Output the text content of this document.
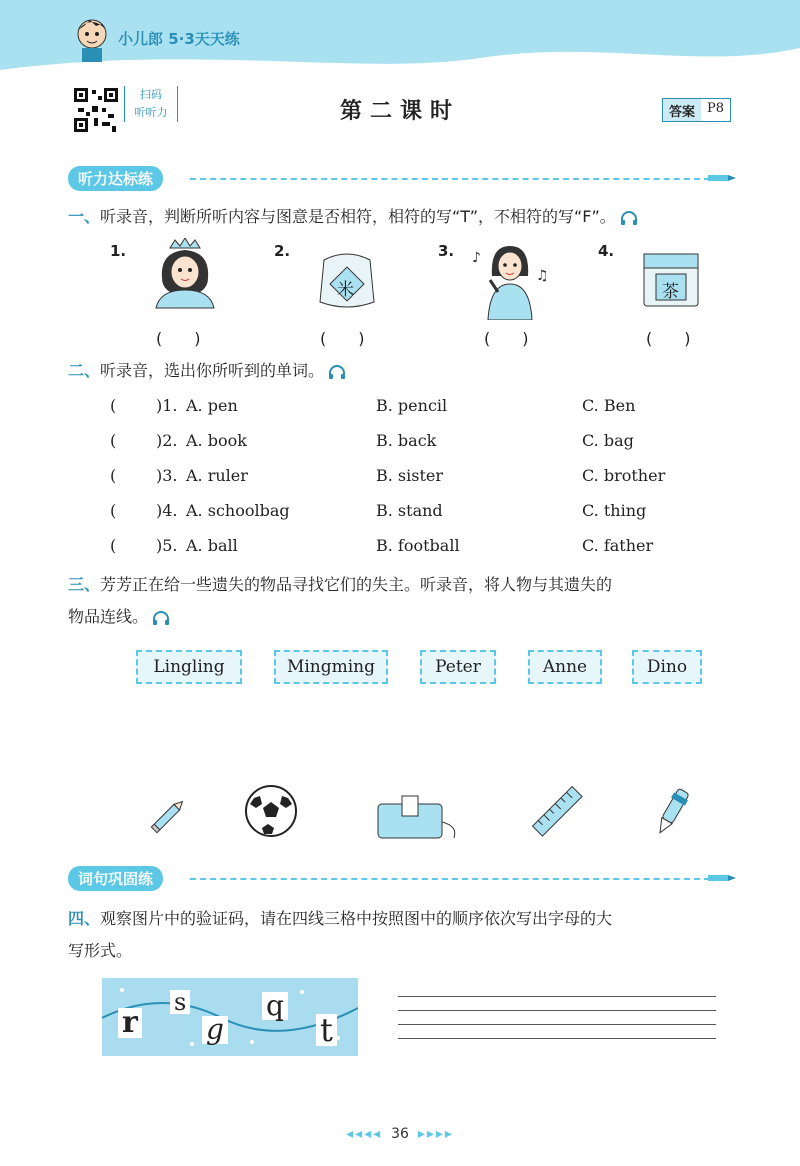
小儿郎 5·3天天练
扫码
听听力	第二课时	答案 P8
听力达标练
一、听录音，判断所听内容与图意是否相符，相符的写“T”，不相符的写“F”。
1.
(　　)
2.
米
(　　)
3. ♪
♫
(　　)
4.
茶
(　　)
二、听录音，选出你所听到的单词。
( )1. A. pen	B. pencil	C. Ben
( )2. A. book	B. back	C. bag
( )3. A. ruler	B. sister	C. brother
( )4. A. schoolbag	B. stand	C. thing
( )5. A. ball	B. football	C. father
三、芳芳正在给一些遗失的物品寻找它们的失主。听录音，将人物与其遗失的
物品连线。
Lingling	Mingming	Peter	Anne	Dino
词句巩固练
四、观察图片中的验证码，请在四线三格中按照图中的顺序依次写出字母的大
写形式。
r
s
g
q
t
◂◂◂◂ 36 ▸▸▸▸
